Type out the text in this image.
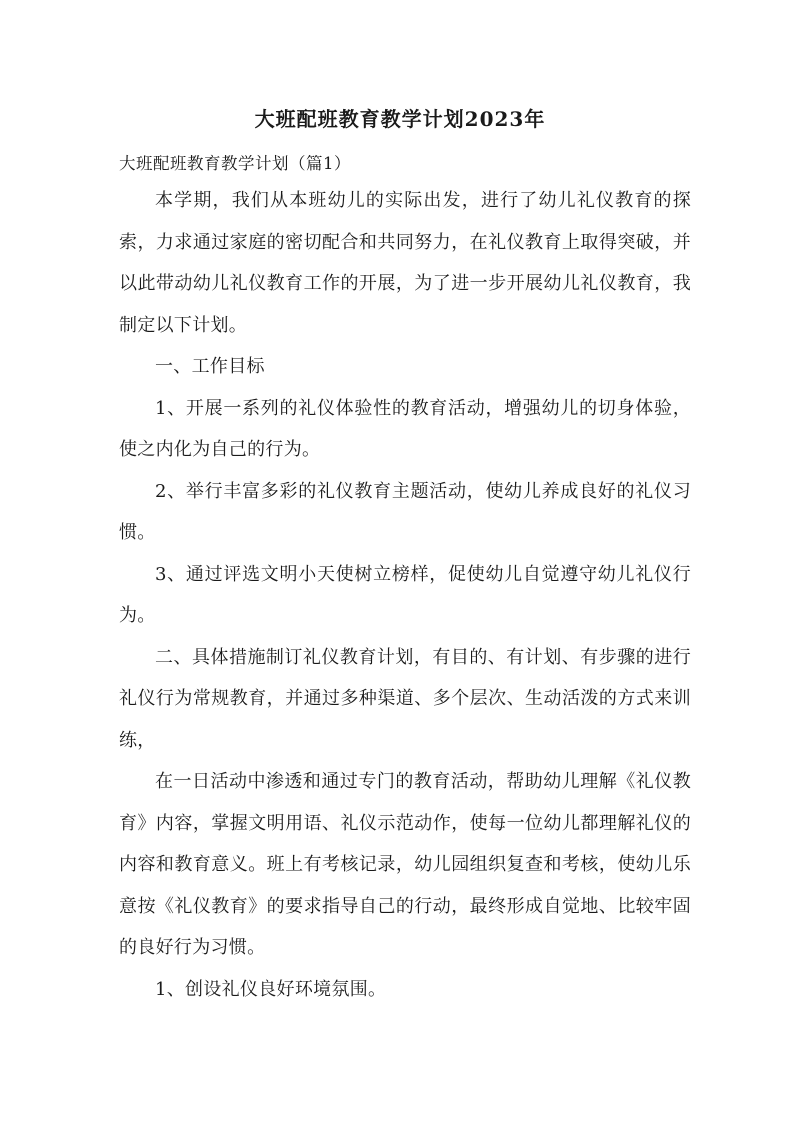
大班配班教育教学计划2023年
大班配班教育教学计划（篇1）

本学期，我们从本班幼儿的实际出发，进行了幼儿礼仪教育的探索，力求通过家庭的密切配合和共同努力，在礼仪教育上取得突破，并以此带动幼儿礼仪教育工作的开展，为了进一步开展幼儿礼仪教育，我制定以下计划。

一、工作目标

1、开展一系列的礼仪体验性的教育活动，增强幼儿的切身体验，使之内化为自己的行为。

2、举行丰富多彩的礼仪教育主题活动，使幼儿养成良好的礼仪习惯。

3、通过评选文明小天使树立榜样，促使幼儿自觉遵守幼儿礼仪行为。

二、具体措施制订礼仪教育计划，有目的、有计划、有步骤的进行礼仪行为常规教育，并通过多种渠道、多个层次、生动活泼的方式来训练，

在一日活动中渗透和通过专门的教育活动，帮助幼儿理解《礼仪教育》内容，掌握文明用语、礼仪示范动作，使每一位幼儿都理解礼仪的内容和教育意义。班上有考核记录，幼儿园组织复查和考核，使幼儿乐意按《礼仪教育》的要求指导自己的行动，最终形成自觉地、比较牢固的良好行为习惯。

1、创设礼仪良好环境氛围。
